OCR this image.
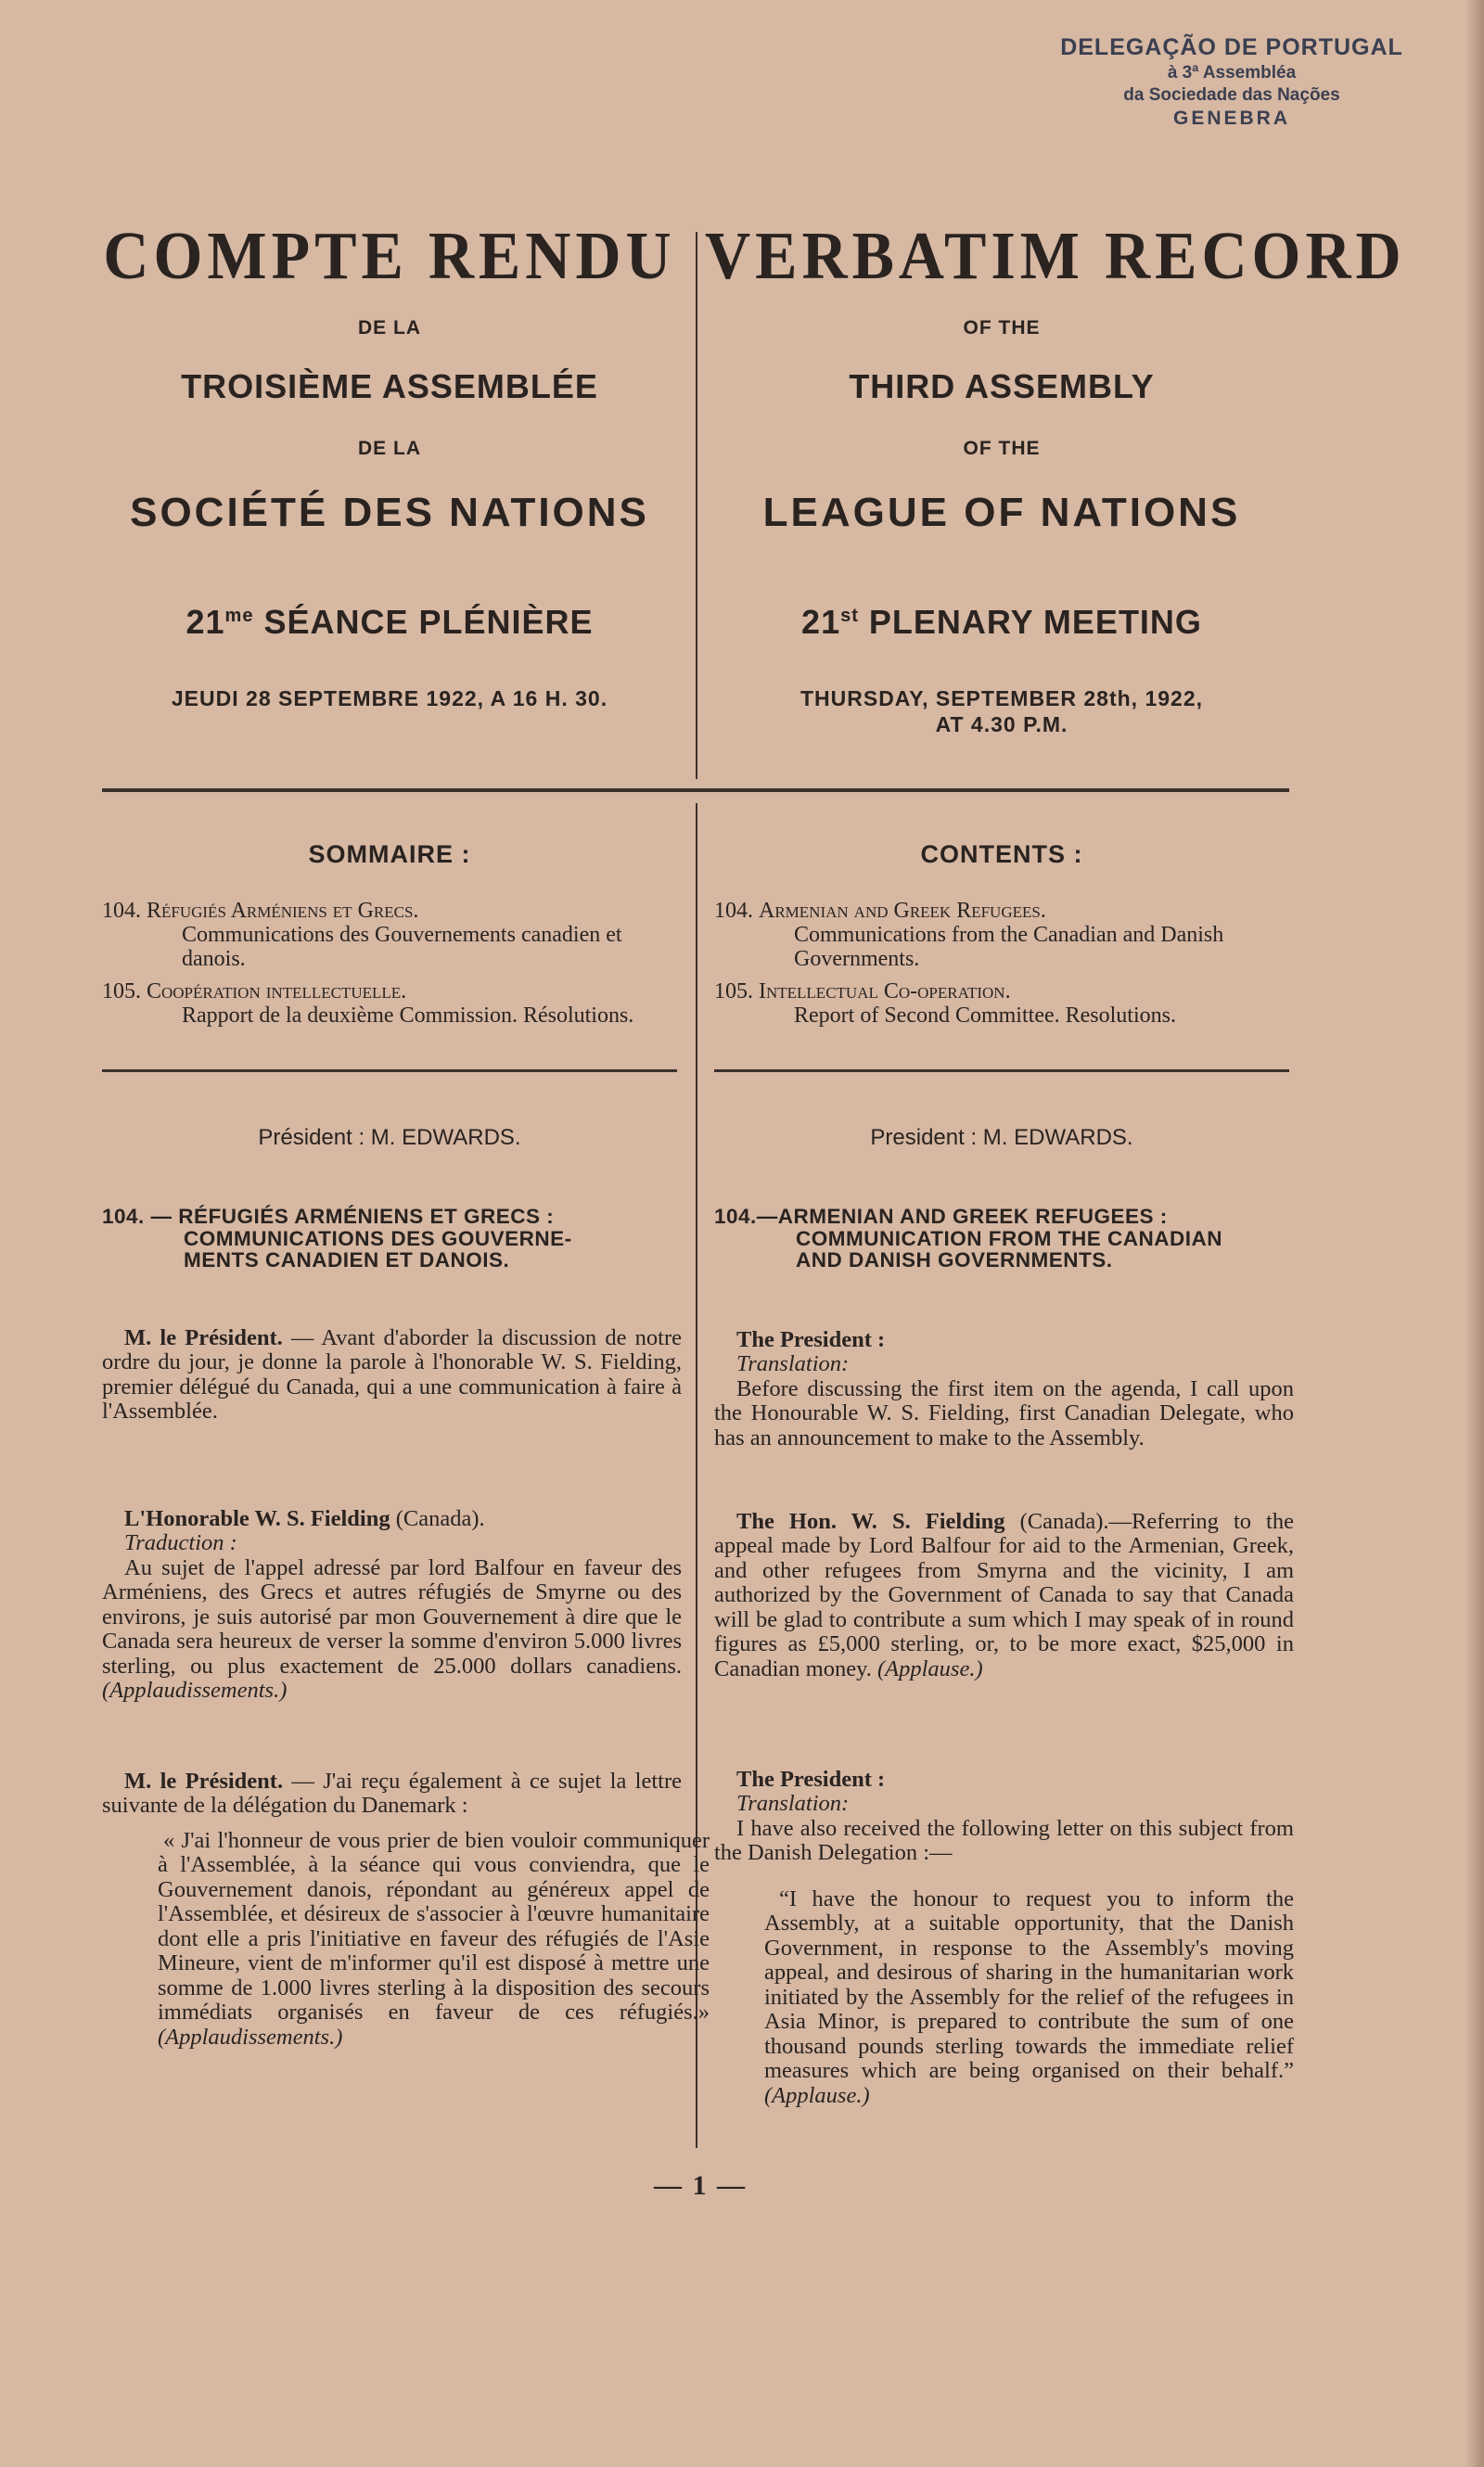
DELEGAÇÃO DE PORTUGAL
à 3ª Assembléa
da Sociedade das Nações
GENEBRA
COMPTE RENDU
DE LA
TROISIÈME ASSEMBLÉE
DE LA
SOCIÉTÉ DES NATIONS
$21^{me}$ SÉANCE PLÉNIÈRE
JEUDI 28 SEPTEMBRE 1922, A 16 H. 30.
VERBATIM RECORD
OF THE
THIRD ASSEMBLY
OF THE
LEAGUE OF NATIONS
21st PLENARY MEETING
THURSDAY, SEPTEMBER 28th, 1922,
AT 4.30 P.M.
SOMMAIRE :	CONTENTS :
104. Réfugiés Arméniens et Grecs.
Communications des Gouvernements canadien et danois.
105. Coopération intellectuelle.
Rapport de la deuxième Commission. Résolutions.
104. Armenian and Greek Refugees.
Communications from the Canadian and Danish Governments.
105. Intellectual Co-operation.
Report of Second Committee. Resolutions.
Président : M. EDWARDS.	President : M. EDWARDS.
104. — RÉFUGIÉS ARMÉNIENS ET GRECS :
COMMUNICATIONS DES GOUVERNE-
MENTS CANADIEN ET DANOIS.
104.—ARMENIAN AND GREEK REFUGEES :
COMMUNICATION FROM THE CANADIAN
AND DANISH GOVERNMENTS.
M. le Président. — Avant d'aborder la discussion de notre ordre du jour, je donne la parole à l'honorable W. S. Fielding, premier délégué du Canada, qui a une communication à faire à l'Assemblée.
L'Honorable W. S. Fielding (Canada).
Traduction :
Au sujet de l'appel adressé par lord Balfour en faveur des Arméniens, des Grecs et autres réfugiés de Smyrne ou des environs, je suis autorisé par mon Gouvernement à dire que le Canada sera heureux de verser la somme d'environ 5.000 livres sterling, ou plus exactement de 25.000 dollars canadiens. (Applaudissements.)
M. le Président. — J'ai reçu également à ce sujet la lettre suivante de la délégation du Danemark :
« J'ai l'honneur de vous prier de bien vouloir communiquer à l'Assemblée, à la séance qui vous conviendra, que le Gouvernement danois, répondant au généreux appel de l'Assemblée, et désireux de s'associer à l'œuvre humanitaire dont elle a pris l'initiative en faveur des réfugiés de l'Asie Mineure, vient de m'informer qu'il est disposé à mettre une somme de 1.000 livres sterling à la disposition des secours immédiats organisés en faveur de ces réfugiés.» (Applaudissements.)
The President :
Translation:
Before discussing the first item on the agenda, I call upon the Honourable W. S. Fielding, first Canadian Delegate, who has an announcement to make to the Assembly.
The Hon. W. S. Fielding (Canada).—Referring to the appeal made by Lord Balfour for aid to the Armenian, Greek, and other refugees from Smyrna and the vicinity, I am authorized by the Government of Canada to say that Canada will be glad to contribute a sum which I may speak of in round figures as £5,000 sterling, or, to be more exact, $25,000 in Canadian money. (Applause.)
The President :
Translation:
I have also received the following letter on this subject from the Danish Delegation :—
“I have the honour to request you to inform the Assembly, at a suitable opportunity, that the Danish Government, in response to the Assembly's moving appeal, and desirous of sharing in the humanitarian work initiated by the Assembly for the relief of the refugees in Asia Minor, is prepared to contribute the sum of one thousand pounds sterling towards the immediate relief measures which are being organised on their behalf.” (Applause.)
— 1 —
